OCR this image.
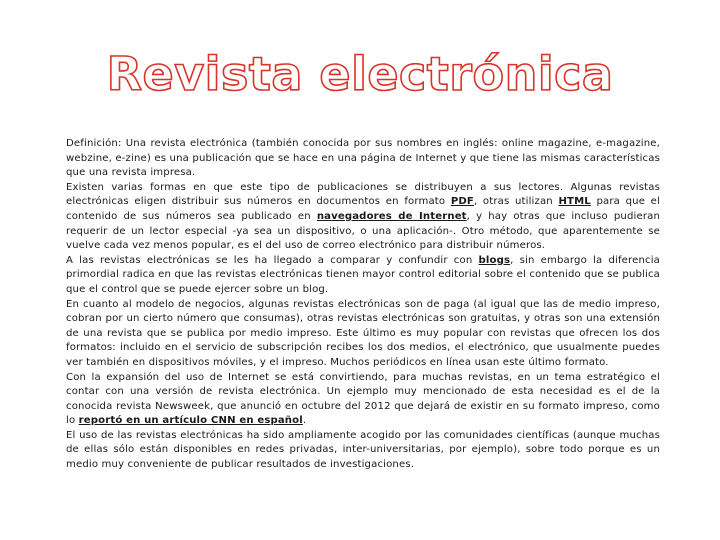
Revista electrónica

Definición: Una revista electrónica (también conocida por sus nombres en inglés: online magazine, e-magazine, webzine, e-zine) es una publicación que se hace en una página de Internet y que tiene las mismas características que una revista impresa.

Existen varias formas en que este tipo de publicaciones se distribuyen a sus lectores. Algunas revistas electrónicas eligen distribuir sus números en documentos en formato PDF, otras utilizan HTML para que el contenido de sus números sea publicado en navegadores de Internet, y hay otras que incluso pudieran requerir de un lector especial -ya sea un dispositivo, o una aplicación-. Otro método, que aparentemente se vuelve cada vez menos popular, es el del uso de correo electrónico para distribuir números.

A las revistas electrónicas se les ha llegado a comparar y confundir con blogs, sin embargo la diferencia primordial radica en que las revistas electrónicas tienen mayor control editorial sobre el contenido que se publica que el control que se puede ejercer sobre un blog.

En cuanto al modelo de negocios, algunas revistas electrónicas son de paga (al igual que las de medio impreso, cobran por un cierto número que consumas), otras revistas electrónicas son gratuitas, y otras son una extensión de una revista que se publica por medio impreso. Este último es muy popular con revistas que ofrecen los dos formatos: incluido en el servicio de subscripción recibes los dos medios, el electrónico, que usualmente puedes ver también en dispositivos móviles, y el impreso. Muchos periódicos en línea usan este último formato.

Con la expansión del uso de Internet se está convirtiendo, para muchas revistas, en un tema estratégico el contar con una versión de revista electrónica. Un ejemplo muy mencionado de esta necesidad es el de la conocida revista Newsweek, que anunció en octubre del 2012 que dejará de existir en su formato impreso, como lo reportó en un artículo CNN en español.

El uso de las revistas electrónicas ha sido ampliamente acogido por las comunidades científicas (aunque muchas de ellas sólo están disponibles en redes privadas, inter-universitarias, por ejemplo), sobre todo porque es un medio muy conveniente de publicar resultados de investigaciones.
